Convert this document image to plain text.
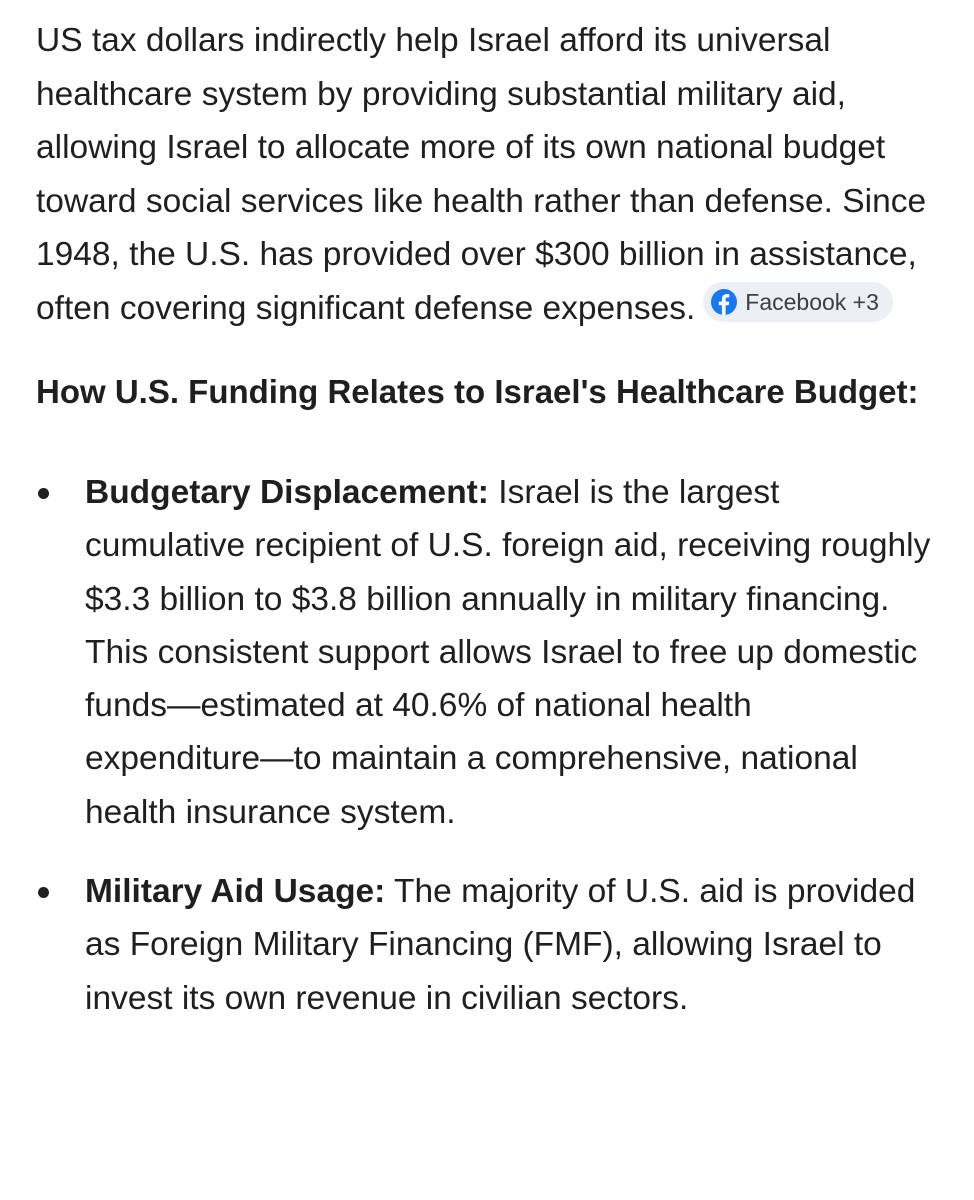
US tax dollars indirectly help Israel afford its universal healthcare system by providing substantial military aid, allowing Israel to allocate more of its own national budget toward social services like health rather than defense. Since 1948, the U.S. has provided over $300 billion in assistance, often covering significant defense expenses. Facebook +3

How U.S. Funding Relates to Israel's Healthcare Budget:
Budgetary Displacement: Israel is the largest cumulative recipient of U.S. foreign aid, receiving roughly $3.3 billion to $3.8 billion annually in military financing. This consistent support allows Israel to free up domestic funds—estimated at 40.6% of national health expenditure—to maintain a comprehensive, national health insurance system.
Military Aid Usage: The majority of U.S. aid is provided as Foreign Military Financing (FMF), allowing Israel to invest its own revenue in civilian sectors.
